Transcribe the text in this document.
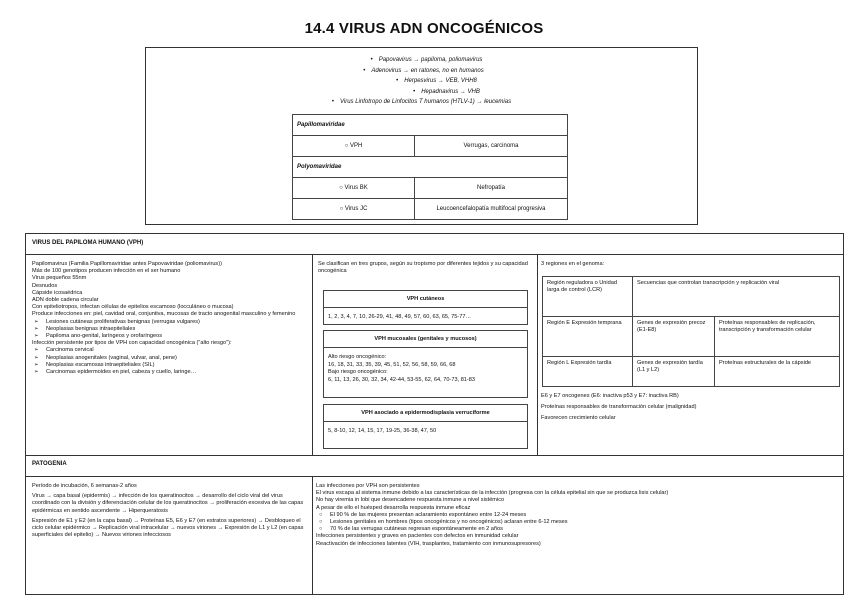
14.4 VIRUS ADN ONCOGÉNICOS
• Papovavirus → papiloma, poliomavirus
• Adenovirus → en ratones, no en humanos
• Herpesvirus → VEB, VHH8
• Hepadnavirus → VHB
• Virus Linfotropo de Linfocitos T humanos (HTLV-1) → leucemias
Papillomaviridae	
○ VPH	Verrugas, carcinoma
Polyomaviridae	
○ Virus BK	Nefropatía
○ Virus JC	Leucoencefalopatía multifocal progresiva
VIRUS DEL PAPILOMA HUMANO (VPH)

Papilomavirus (Familia Papillomaviridae antes Papovaviridae (poliomavirus))

Más de 100 genotipos producen infección en el ser humano

Virus pequeños 55nm

Desnudos

Cápside icosaédrica

ADN doble cadena circular

Con epiteliotropos, infectan células de epitelios escamoso (locculáneo o mucosa)

Produce infecciones en: piel, cavidad oral, conjuntiva, mucosas de tracto anogenital masculino y femenino

➢ Lesiones cutáneas proliferativas benignas (verrugas vulgares)
➢ Neoplasias benignas intraepiteliales
➢ Papiloma ano-genital, laríngeos y orofaríngeos

Infección persistente por tipos de VPH con capacidad oncogénica ("alto riesgo"):

➢ Carcinoma cervical
➢ Neoplasias anogenitales (vaginal, vulvar, anal, pene)
➢ Neoplasias escamosas intraepiteliales (SIL)
➢ Carcinomas epidermoides en piel, cabeza y cuello, laringe…
Se clasifican en tres grupos, según su tropismo por diferentes tejidos y su capacidad oncogénica
VPH cutáneos
1, 2, 3, 4, 7, 10, 26-29, 41, 48, 49, 57, 60, 63, 65, 75-77…
VPH mucosales (genitales y mucosos)
Alto riesgo oncogénico:
16, 18, 31, 33, 35, 39, 45, 51, 52, 56, 58, 59, 66, 68
Bajo riesgo oncogénico:
6, 11, 13, 26, 30, 32, 34, 42-44, 53-55, 62, 64, 70-73, 81-83
VPH asociado a epidermodisplasia verruciforme
5, 8-10, 12, 14, 15, 17, 19-25, 36-38, 47, 50
3 regiones en el genoma:
Región reguladora o Unidad larga de control (LCR)	Secuencias que controlan transcripción y replicación viral	
Región E Expresión temprana	Genes de expresión precoz (E1-E8)	Proteínas responsables de replicación, transcripción y transformación celular
Región L Expresión tardía	Genes de expresión tardía (L1 y L2)	Proteínas estructurales de la cápside

E6 y E7 oncogenes (E6: inactiva p53 y E7: inactiva RB)

Proteínas responsables de transformación celular (malignidad)

Favorecen crecimiento celular

PATOGENIA

Período de incubación, 6 semanas-2 años

Virus → capa basal (epidermis) → infección de los queratinocitos → desarrollo del ciclo viral del virus coordinado con la división y diferenciación celular de los queratinocitos → proliferación excesiva de las capas epidérmicas en sentido ascendente → Hiperqueratosis

Expresión de E1 y E2 (en la capa basal) → Proteínas E5, E6 y E7 (en estratos superiores) → Desbloqueo el ciclo celular epidérmico → Replicación viral intracelular → nuevos viriones → Expresión de L1 y L2 (en capas superficiales del epitelio) → Nuevos viriones infecciosos

Las infecciones por VPH son persistentes

El virus escapa al sistema inmune debido a las características de la infección (progresa con la célula epitelial sin que se produzca lisis celular)

No hay viremia in lobi que desencadene respuesta inmune a nivel sistémico

A pesar de ello el huésped desarrolla respuesta inmune eficaz

○ El 90 % de las mujeres presentan aclaramiento espontáneo entre 12-24 meses
○ Lesiones genitales en hombres (tipos oncogénicos y no oncogénicos) aclaran entre 6-12 meses
○ 70 % de las verrugas cutáneas regresan espontáneamente en 2 años

Infecciones persistentes y graves en pacientes con defectos en inmunidad celular

Reactivación de infecciones latentes (VIH, trasplantes, tratamiento con inmunosupresores)
